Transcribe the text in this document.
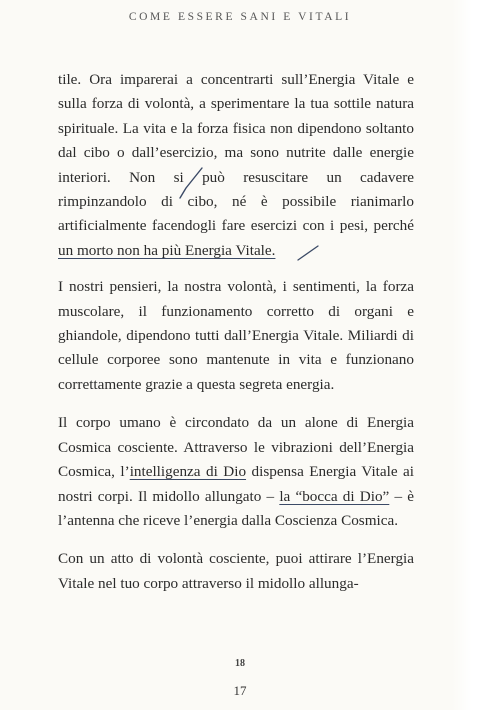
COME ESSERE SANI E VITALI

tile. Ora imparerai a concentrarti sull’Energia Vitale e sulla forza di volontà, a sperimentare la tua sottile natura spirituale. La vita e la forza fisica non dipendono soltanto dal cibo o dall’esercizio, ma sono nutrite dalle energie interiori. Non si può resuscitare un cadavere rimpinzandolo di cibo, né è possibile rianimarlo artificialmente facendogli fare esercizi con i pesi, perché un morto non ha più Energia Vitale.

I nostri pensieri, la nostra volontà, i sentimenti, la forza muscolare, il funzionamento corretto di organi e ghiandole, dipendono tutti dall’Energia Vitale. Miliardi di cellule corporee sono mantenute in vita e funzionano correttamente grazie a questa segreta energia.

Il corpo umano è circondato da un alone di Energia Cosmica cosciente. Attraverso le vibrazioni dell’Energia Cosmica, l’intelligenza di Dio dispensa Energia Vitale ai nostri corpi. Il midollo allungato – la “bocca di Dio” – è l’antenna che riceve l’energia dalla Coscienza Cosmica.

Con un atto di volontà cosciente, puoi attirare l’Energia Vitale nel tuo corpo attraverso il midollo allunga-

18
17
